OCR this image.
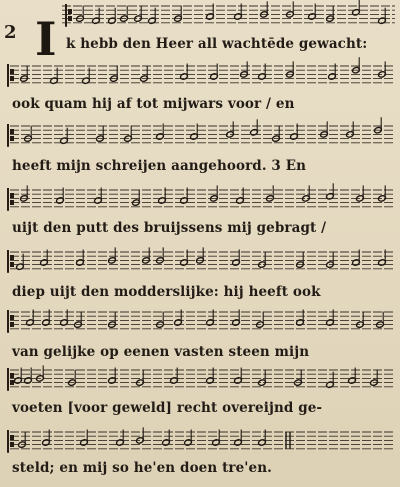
2 I k hebb den Heer all wachtēde gewacht:
ook quam hij af tot mijwars voor / en
heeft mijn schreijen aangehoord. 3 En
uijt den putt des bruijssens mij gebragt /
diep uijt den modderslijke: hij heeft ook
van gelijke op eenen vasten steen mijn
voeten [voor geweld] recht overeijnd ge-
steld; en mij so he'en doen tre'en.
